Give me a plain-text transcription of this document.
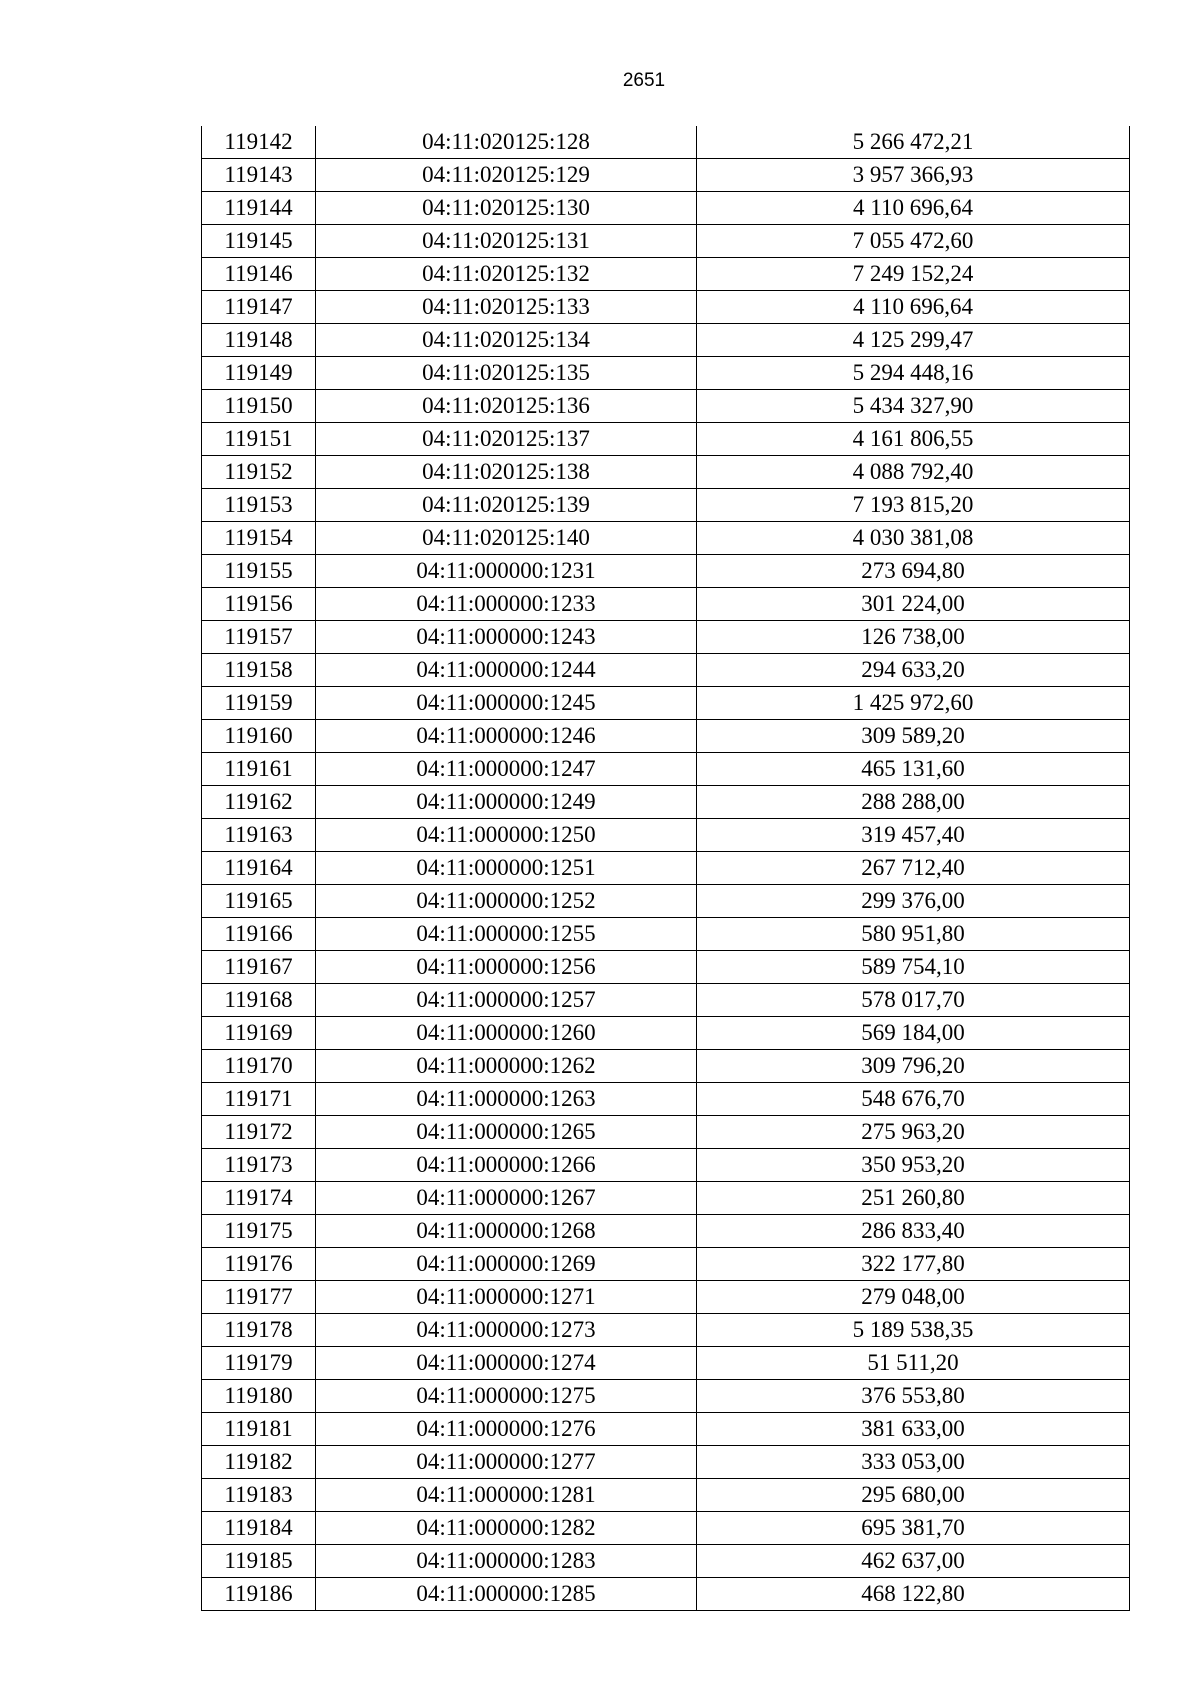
2651
119142	04:11:020125:128	5 266 472,21
119143	04:11:020125:129	3 957 366,93
119144	04:11:020125:130	4 110 696,64
119145	04:11:020125:131	7 055 472,60
119146	04:11:020125:132	7 249 152,24
119147	04:11:020125:133	4 110 696,64
119148	04:11:020125:134	4 125 299,47
119149	04:11:020125:135	5 294 448,16
119150	04:11:020125:136	5 434 327,90
119151	04:11:020125:137	4 161 806,55
119152	04:11:020125:138	4 088 792,40
119153	04:11:020125:139	7 193 815,20
119154	04:11:020125:140	4 030 381,08
119155	04:11:000000:1231	273 694,80
119156	04:11:000000:1233	301 224,00
119157	04:11:000000:1243	126 738,00
119158	04:11:000000:1244	294 633,20
119159	04:11:000000:1245	1 425 972,60
119160	04:11:000000:1246	309 589,20
119161	04:11:000000:1247	465 131,60
119162	04:11:000000:1249	288 288,00
119163	04:11:000000:1250	319 457,40
119164	04:11:000000:1251	267 712,40
119165	04:11:000000:1252	299 376,00
119166	04:11:000000:1255	580 951,80
119167	04:11:000000:1256	589 754,10
119168	04:11:000000:1257	578 017,70
119169	04:11:000000:1260	569 184,00
119170	04:11:000000:1262	309 796,20
119171	04:11:000000:1263	548 676,70
119172	04:11:000000:1265	275 963,20
119173	04:11:000000:1266	350 953,20
119174	04:11:000000:1267	251 260,80
119175	04:11:000000:1268	286 833,40
119176	04:11:000000:1269	322 177,80
119177	04:11:000000:1271	279 048,00
119178	04:11:000000:1273	5 189 538,35
119179	04:11:000000:1274	51 511,20
119180	04:11:000000:1275	376 553,80
119181	04:11:000000:1276	381 633,00
119182	04:11:000000:1277	333 053,00
119183	04:11:000000:1281	295 680,00
119184	04:11:000000:1282	695 381,70
119185	04:11:000000:1283	462 637,00
119186	04:11:000000:1285	468 122,80
